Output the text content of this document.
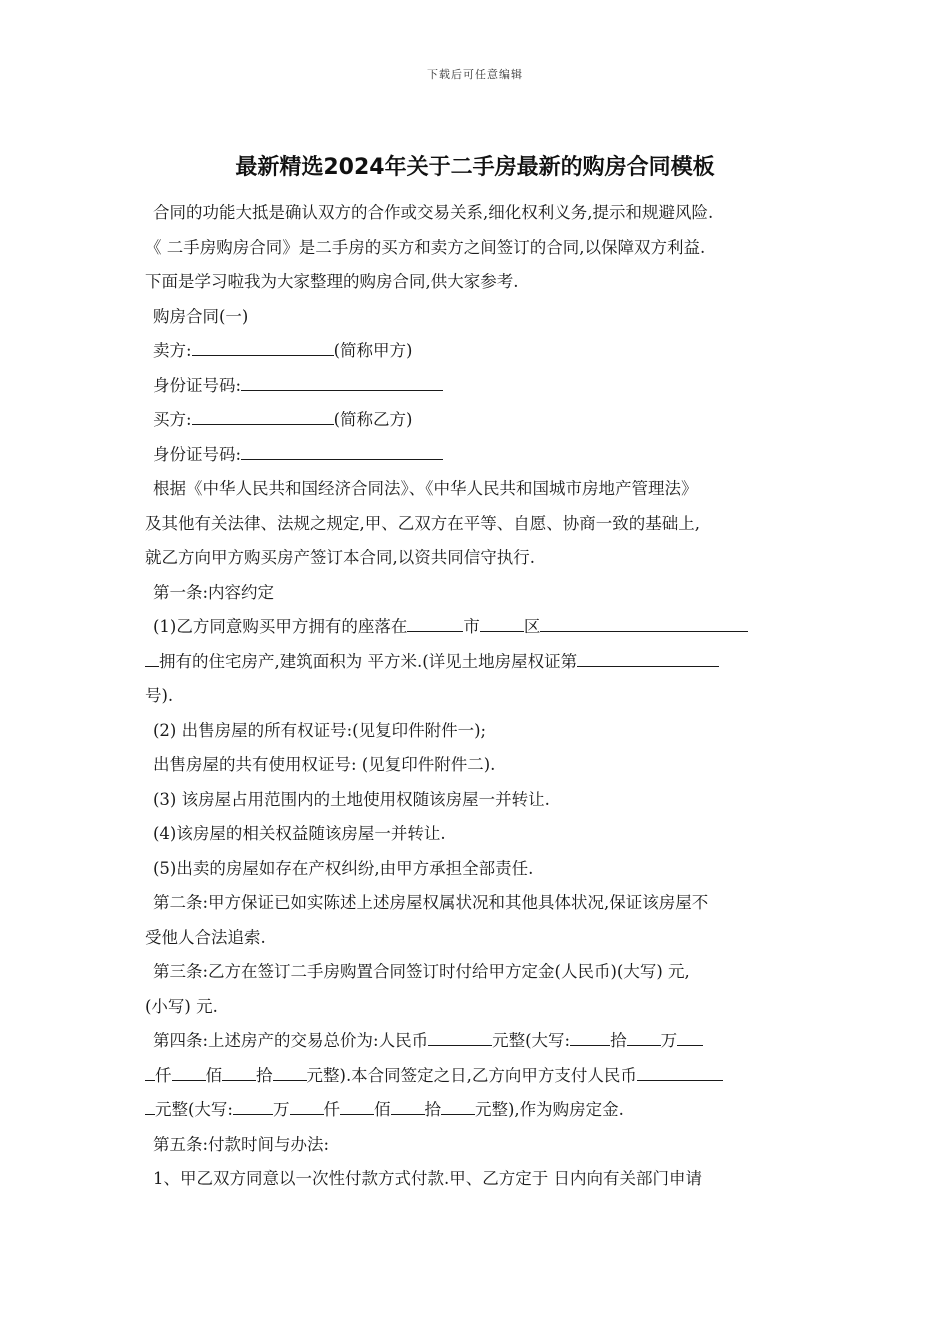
下载后可任意编辑
最新精选2024年关于二手房最新的购房合同模板
合同的功能大抵是确认双方的合作或交易关系,细化权利义务,提示和规避风险.
《 二手房购房合同》是二手房的买方和卖方之间签订的合同,以保障双方利益.
下面是学习啦我为大家整理的购房合同,供大家参考.
购房合同(一)
卖方:	(简称甲方)
身份证号码:
买方:	(简称乙方)
身份证号码:
根据《中华人民共和国经济合同法》、《中华人民共和国城市房地产管理法》
及其他有关法律、法规之规定,甲、乙双方在平等、自愿、协商一致的基础上,
就乙方向甲方购买房产签订本合同,以资共同信守执行.
第一条:内容约定
(1)乙方同意购买甲方拥有的座落在	市	区
拥有的住宅房产,建筑面积为 平方米.(详见土地房屋权证第
号).
(2) 出售房屋的所有权证号:(见复印件附件一);
出售房屋的共有使用权证号: (见复印件附件二).
(3) 该房屋占用范围内的土地使用权随该房屋一并转让.
(4)该房屋的相关权益随该房屋一并转让.
(5)出卖的房屋如存在产权纠纷,由甲方承担全部责任.
第二条:甲方保证已如实陈述上述房屋权属状况和其他具体状况,保证该房屋不
受他人合法追索.
第三条:乙方在签订二手房购置合同签订时付给甲方定金(人民币)(大写) 元,
(小写) 元.
第四条:上述房产的交易总价为:人民币	元整(大写: 拾 万
仟 佰 拾 元整).本合同签定之日,乙方向甲方支付人民币
元整(大写: 万 仟 佰 拾 元整),作为购房定金.
第五条:付款时间与办法:
1、甲乙双方同意以一次性付款方式付款.甲、乙方定于 日内向有关部门申请
